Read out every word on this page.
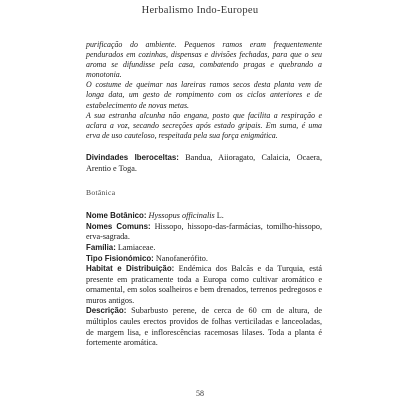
Herbalismo Indo-Europeu

purificação do ambiente. Pequenos ramos eram frequentemente pendurados em cozinhas, dispensas e divisões fechadas, para que o seu aroma se difundisse pela casa, combatendo pragas e quebrando a monotonia.

O costume de queimar nas lareiras ramos secos desta planta vem de longa data, um gesto de rompimento com os ciclos anteriores e de estabelecimento de novas metas.

A sua estranha alcunha não engana, posto que facilita a respiração e aclara a voz, secando secreções após estado gripais. Em suma, é uma erva de uso cauteloso, respeitada pela sua força enigmática.

Divindades Iberoceltas: Bandua, Aiioragato, Calaicia, Ocaera, Arentio e Toga.

Botânica

Nome Botânico: Hyssopus officinalis L.

Nomes Comuns: Hissopo, hissopo-das-farmácias, tomilho-hissopo, erva-sagrada.

Família: Lamiaceae.

Tipo Fisionómico: Nanofanerófito.

Habitat e Distribuição: Endémica dos Balcãs e da Turquia, está presente em praticamente toda a Europa como cultivar aromático e ornamental, em solos soalheiros e bem drenados, terrenos pedregosos e muros antigos.

Descrição: Subarbusto perene, de cerca de 60 cm de altura, de múltiplos caules erectos providos de folhas verticiladas e lanceoladas, de margem lisa, e inflorescências racemosas lilases. Toda a planta é fortemente aromática.

58
